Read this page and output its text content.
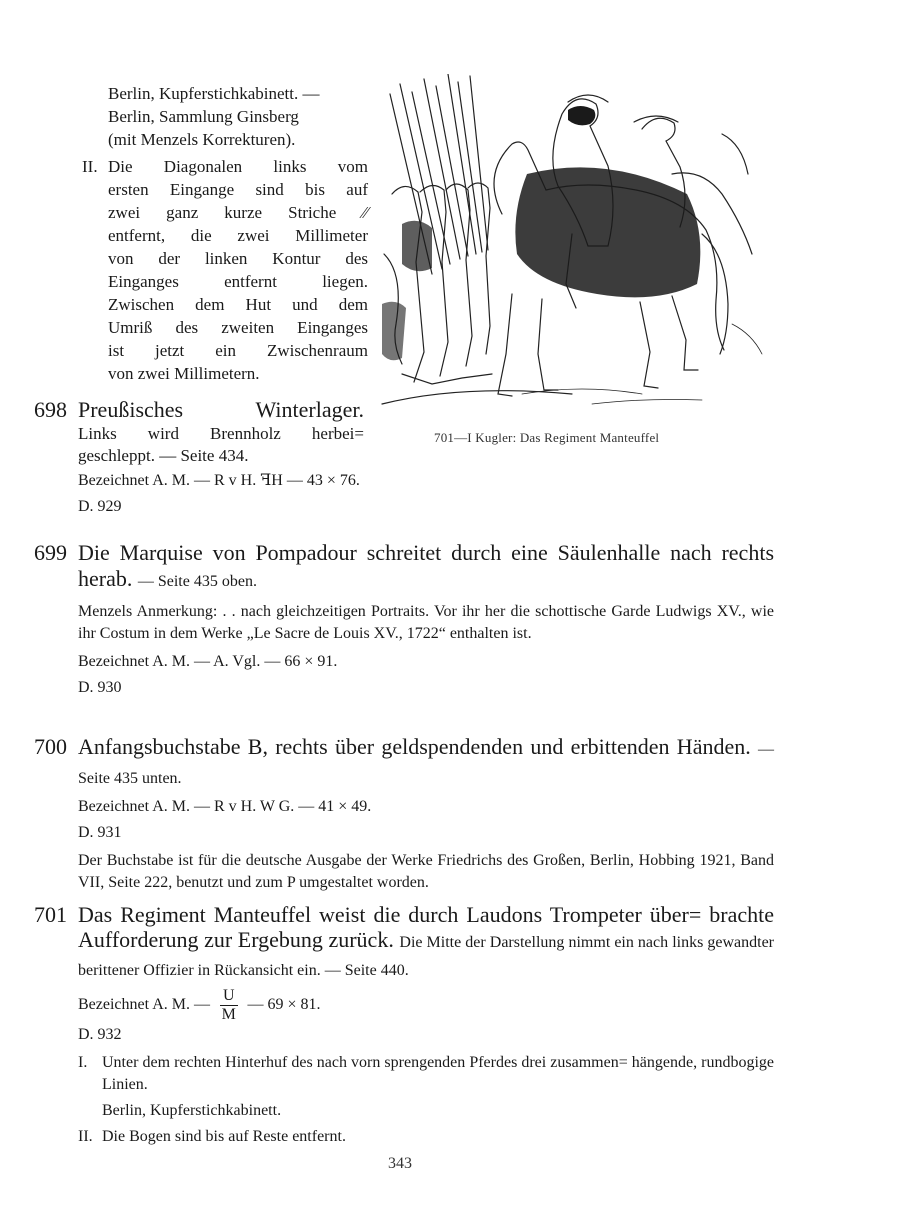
Berlin, Kupferstichkabinett. —
Berlin, Sammlung Ginsberg
(mit Menzels Korrekturen).
II. Die Diagonalen links vom
ersten Eingange sind bis auf
zwei ganz kurze Striche ⁄⁄
entfernt, die zwei Millimeter
von der linken Kontur des
Einganges entfernt liegen.
Zwischen dem Hut und dem
Umriß des zweiten Einganges
ist jetzt ein Zwischenraum
von zwei Millimetern.
701—I Kugler: Das Regiment Manteuffel
698 Preußisches Winterlager.
Links wird Brennholz herbei=
geschleppt. — Seite 434.
Bezeichnet A. M. — R v H. ꟻH — 43 × 76.
D. 929
699 Die Marquise von Pompadour schreitet durch eine Säulenhalle nach rechts herab. — Seite 435 oben.
Menzels Anmerkung: . . nach gleichzeitigen Portraits. Vor ihr her die schottische Garde Ludwigs XV., wie ihr Costum in dem Werke „Le Sacre de Louis XV., 1722“ enthalten ist.
Bezeichnet A. M. — A. Vgl. — 66 × 91.
D. 930
700 Anfangsbuchstabe B, rechts über geldspendenden und erbittenden Händen. — Seite 435 unten.
Bezeichnet A. M. — R v H. W G. — 41 × 49.
D. 931
Der Buchstabe ist für die deutsche Ausgabe der Werke Friedrichs des Großen, Berlin, Hobbing 1921, Band VII, Seite 222, benutzt und zum P umgestaltet worden.
701 Das Regiment Manteuffel weist die durch Laudons Trompeter über= brachte Aufforderung zur Ergebung zurück. Die Mitte der Darstellung nimmt ein nach links gewandter berittener Offizier in Rückansicht ein. — Seite 440.
Bezeichnet A. M. — $\frac{U}{M}$ — 69 × 81.
D. 932
I. Unter dem rechten Hinterhuf des nach vorn sprengenden Pferdes drei zusammen= hängende, rundbogige Linien.
Berlin, Kupferstichkabinett.
II. Die Bogen sind bis auf Reste entfernt.
343
